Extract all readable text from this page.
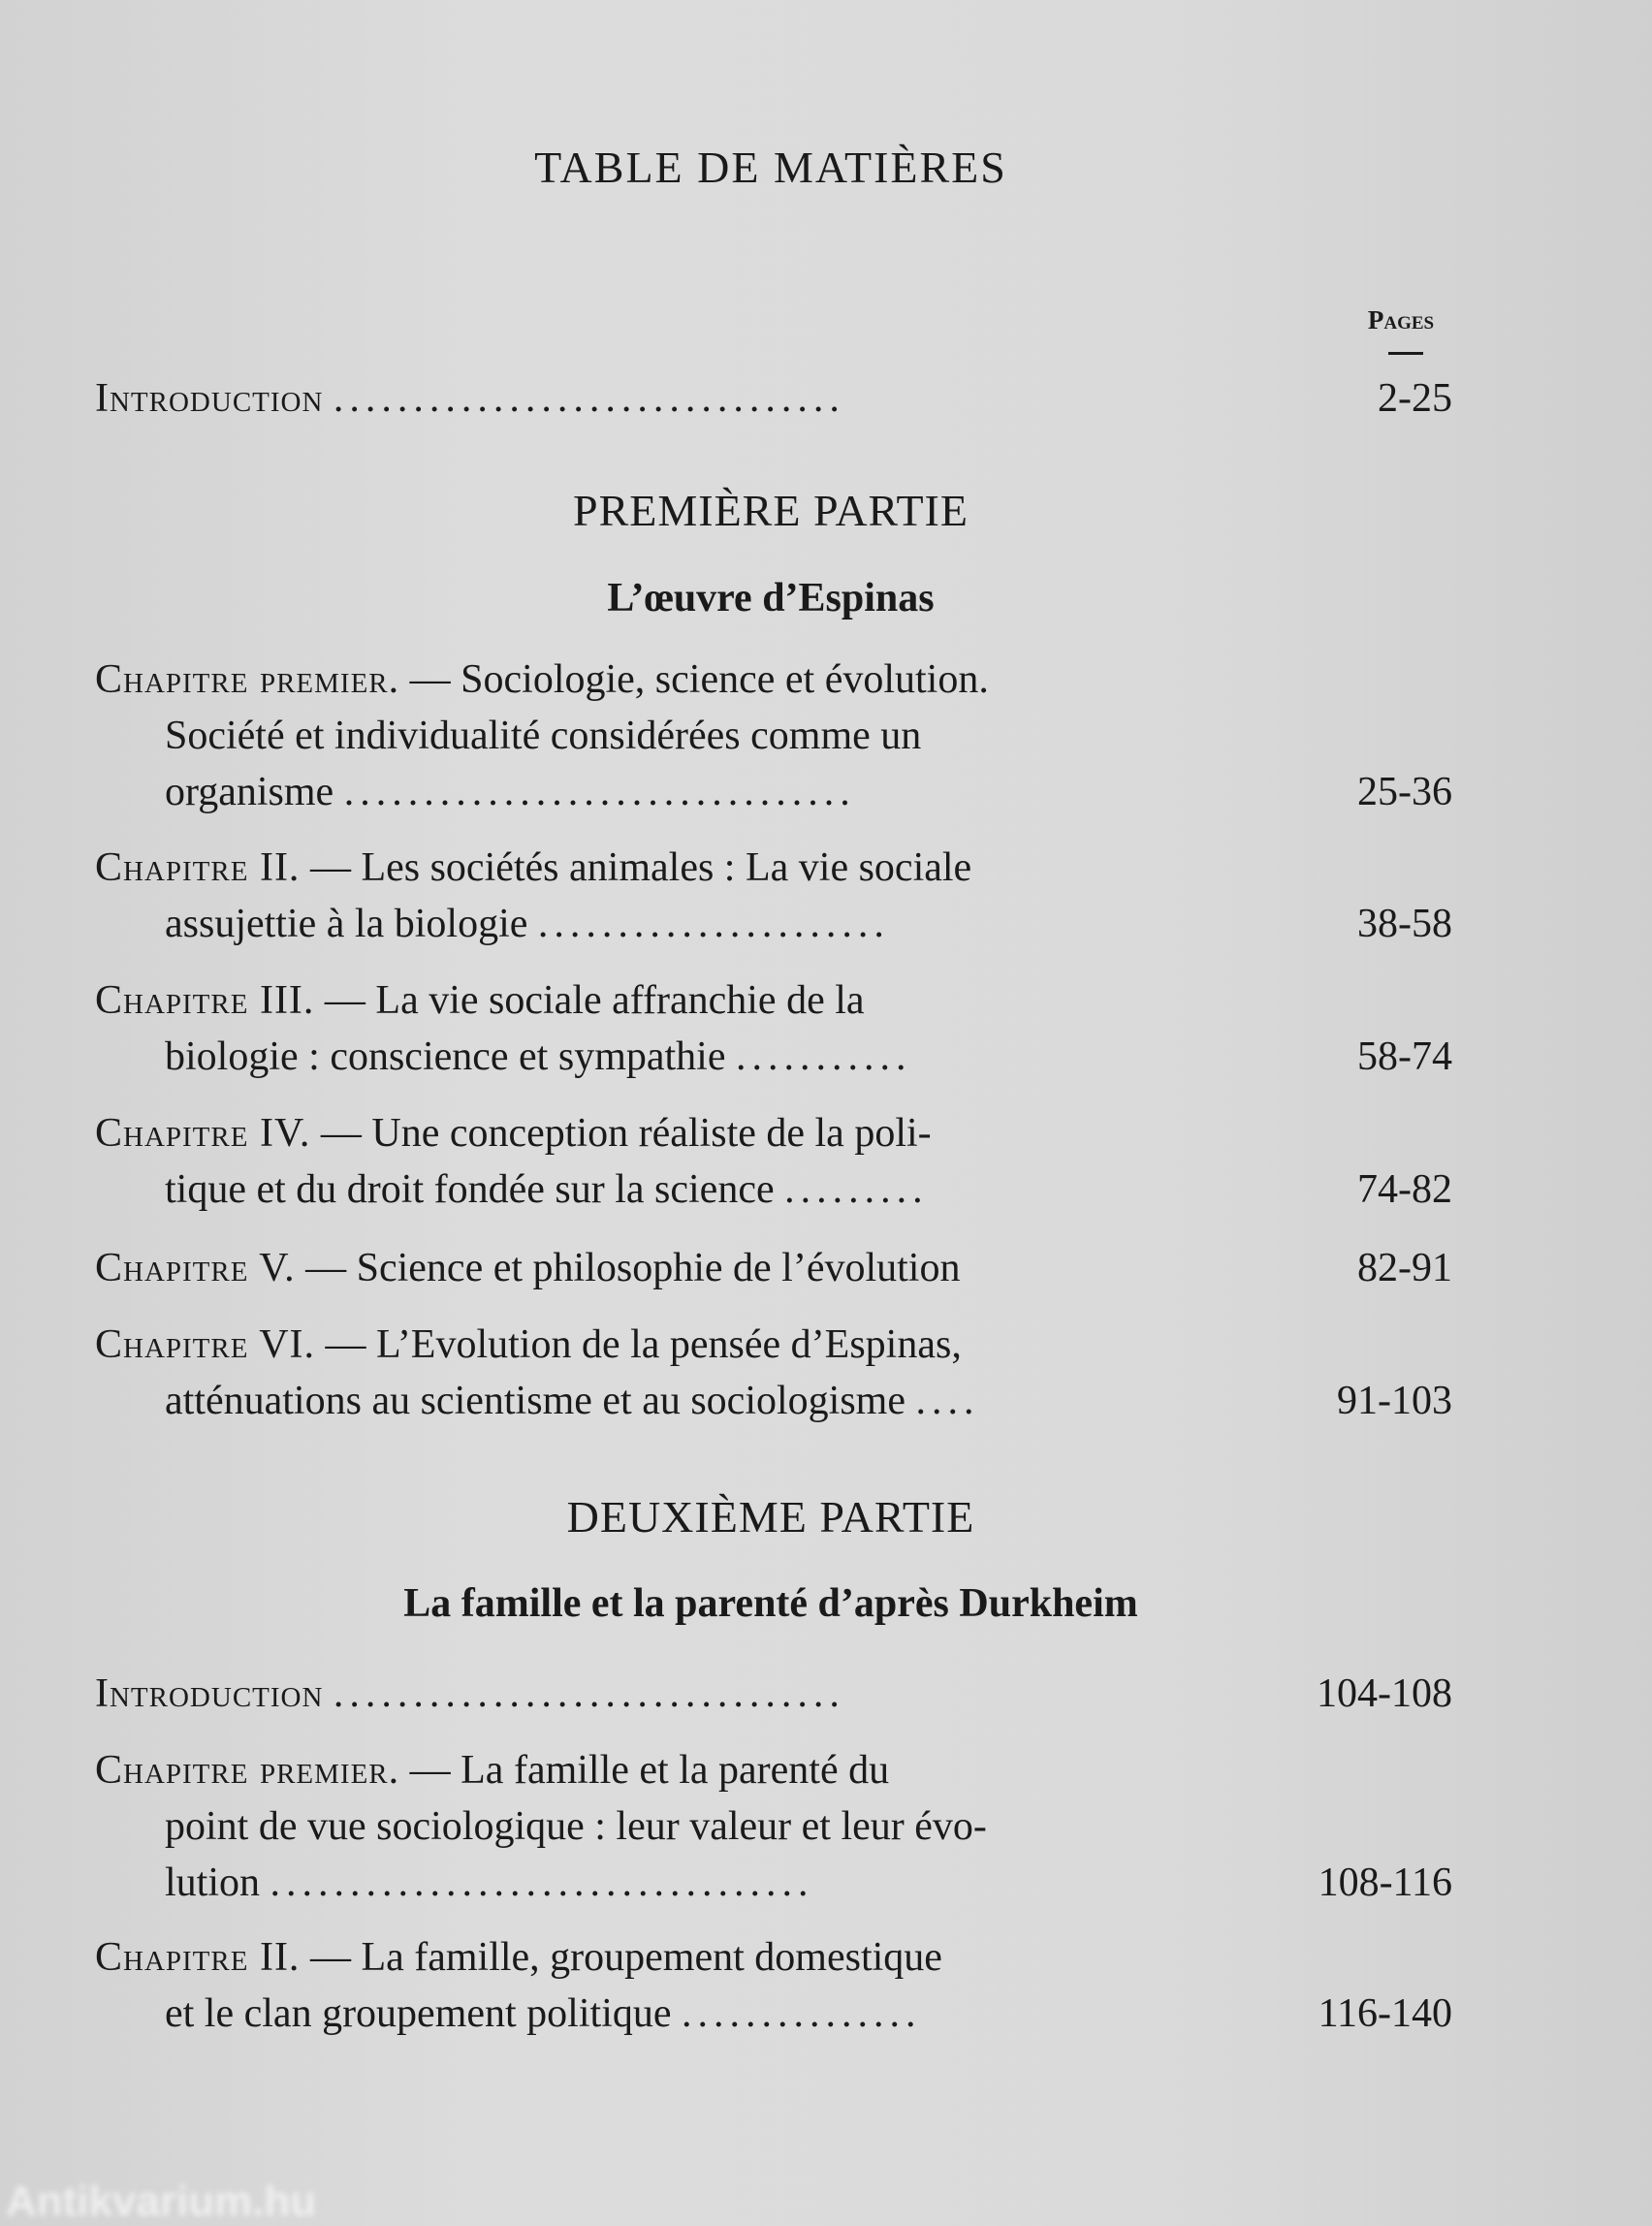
TABLE DE MATIÈRES
Pages
Introduction ................................	2-25
PREMIÈRE PARTIE
L’œuvre d’Espinas
Chapitre premier. — Sociologie, science et évolution.
Société et individualité considérées comme un
organisme ................................	25-36
Chapitre II. — Les sociétés animales : La vie sociale
assujettie à la biologie ......................	38-58
Chapitre III. — La vie sociale affranchie de la
biologie : conscience et sympathie ...........	58-74
Chapitre IV. — Une conception réaliste de la poli-
tique et du droit fondée sur la science .........	74-82
Chapitre V. — Science et philosophie de l’évolution	82-91
Chapitre VI. — L’Evolution de la pensée d’Espinas,
atténuations au scientisme et au sociologisme ....	91-103
DEUXIÈME PARTIE
La famille et la parenté d’après Durkheim
Introduction ................................	104-108
Chapitre premier. — La famille et la parenté du
point de vue sociologique : leur valeur et leur évo-
lution ..................................	108-116
Chapitre II. — La famille, groupement domestique
et le clan groupement politique ...............	116-140
Antikvarium.hu
